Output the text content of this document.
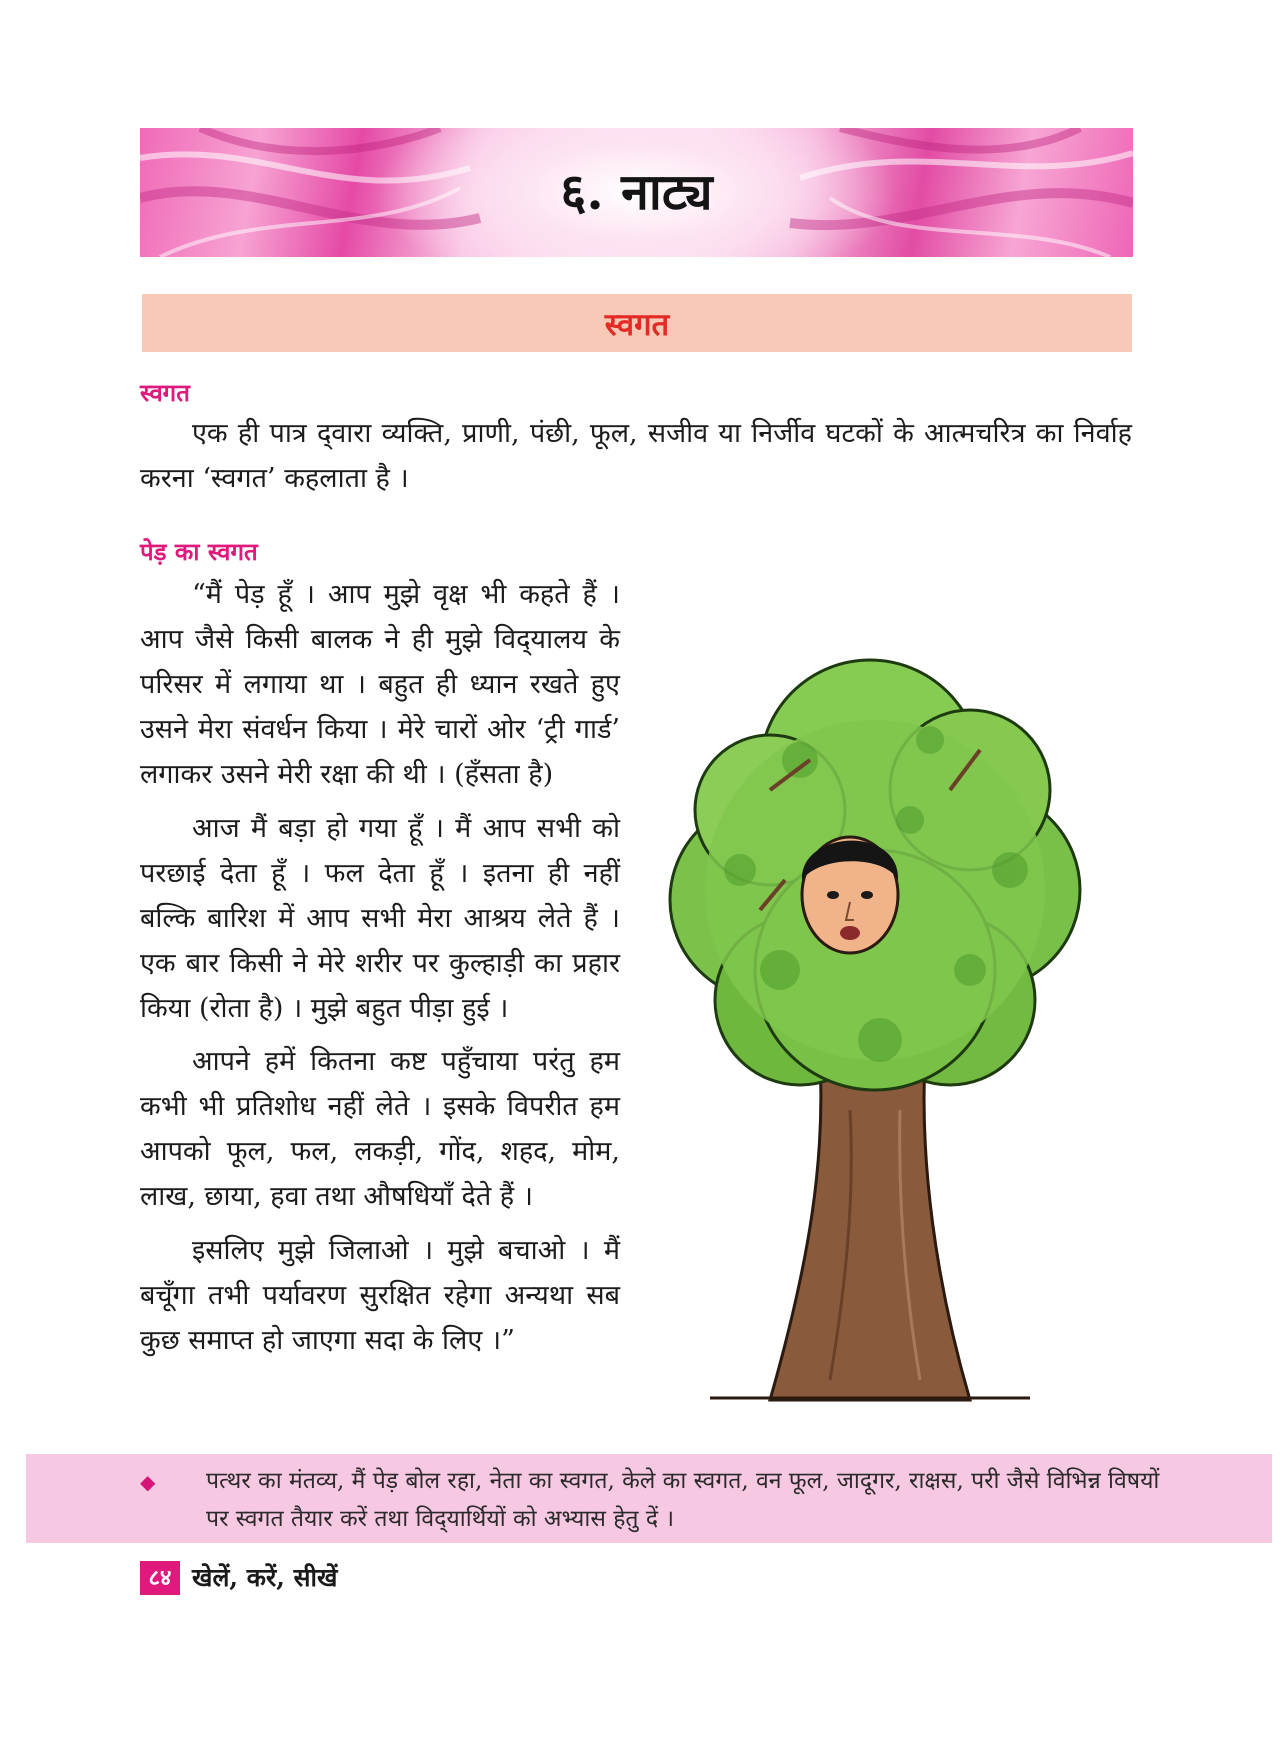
६. नाट्य
स्वगत
स्वगत

एक ही पात्र द्‌वारा व्यक्ति, प्राणी, पंछी, फूल, सजीव या निर्जीव घटकों के आत्मचरित्र का निर्वाह करना ‘स्वगत’ कहलाता है ।

पेड़ का स्वगत

“मैं पेड़ हूँ । आप मुझे वृक्ष भी कहते हैं । आप जैसे किसी बालक ने ही मुझे विद्‌यालय के परिसर में लगाया था । बहुत ही ध्यान रखते हुए उसने मेरा संवर्धन किया । मेरे चारों ओर ‘ट्री गार्ड’ लगाकर उसने मेरी रक्षा की थी । (हँसता है)

आज मैं बड़ा हो गया हूँ । मैं आप सभी को परछाई देता हूँ । फल देता हूँ । इतना ही नहीं बल्कि बारिश में आप सभी मेरा आश्रय लेते हैं । एक बार किसी ने मेरे शरीर पर कुल्हाड़ी का प्रहार किया (रोता है) । मुझे बहुत पीड़ा हुई ।

आपने हमें कितना कष्ट पहुँचाया परंतु हम कभी भी प्रतिशोध नहीं लेते । इसके विपरीत हम आपको फूल, फल, लकड़ी, गोंद, शहद, मोम, लाख, छाया, हवा तथा औषधियाँ देते हैं ।

इसलिए मुझे जिलाओ । मुझे बचाओ । मैं बचूँगा तभी पर्यावरण सुरक्षित रहेगा अन्यथा सब कुछ समाप्त हो जाएगा सदा के लिए ।”

◆ पत्थर का मंतव्य, मैं पेड़ बोल रहा, नेता का स्वगत, केले का स्वगत, वन फूल, जादूगर, राक्षस, परी जैसे विभिन्न विषयों पर स्वगत तैयार करें तथा विद्‌यार्थियों को अभ्यास हेतु दें ।

८४ खेलें, करें, सीखें
